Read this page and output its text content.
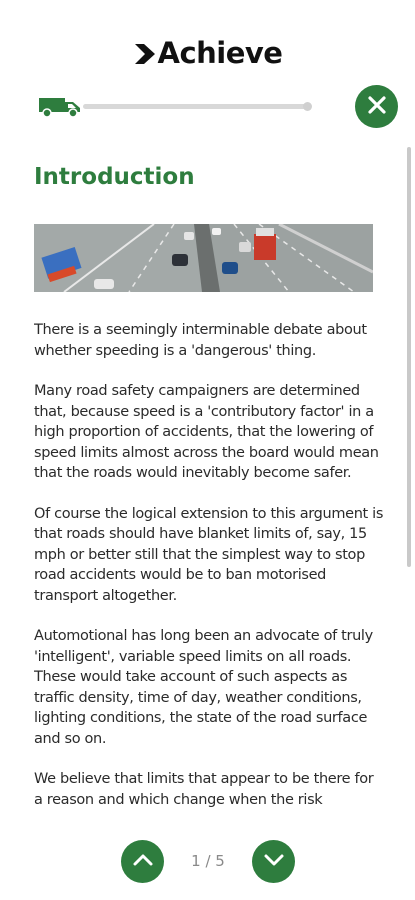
Achieve
Introduction

There is a seemingly interminable debate about whether speeding is a 'dangerous' thing.

Many road safety campaigners are determined that, because speed is a 'contributory factor' in a high proportion of accidents, that the lowering of speed limits almost across the board would mean that the roads would inevitably become safer.

Of course the logical extension to this argument is that roads should have blanket limits of, say, 15 mph or better still that the simplest way to stop road accidents would be to ban motorised transport altogether.

Automotional has long been an advocate of truly 'intelligent', variable speed limits on all roads. These would take account of such aspects as traffic density, time of day, weather conditions, lighting conditions, the state of the road surface and so on.

We believe that limits that appear to be there for a reason and which change when the risk

1 / 5
